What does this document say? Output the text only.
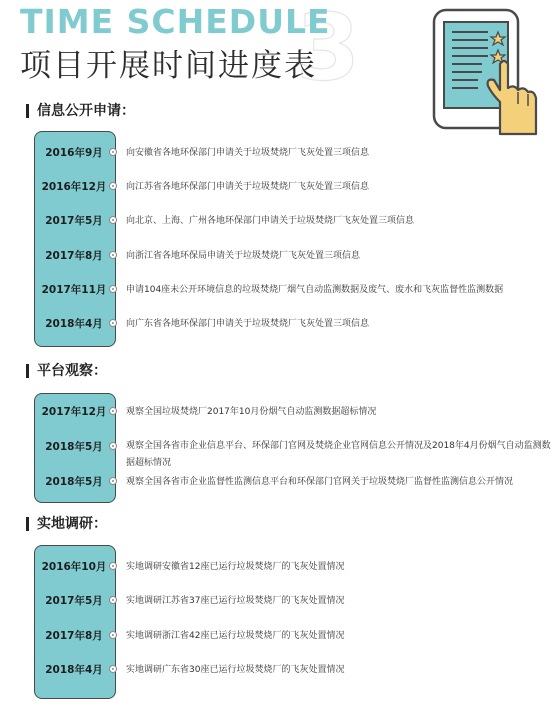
3
TIME SCHEDULE
项目开展时间进度表
信息公开申请：
2016年9月	向安徽省各地环保部门申请关于垃圾焚烧厂飞灰处置三项信息
2016年12月	向江苏省各地环保部门申请关于垃圾焚烧厂飞灰处置三项信息
2017年5月	向北京、上海、广州各地环保部门申请关于垃圾焚烧厂飞灰处置三项信息
2017年8月	向浙江省各地环保局申请关于垃圾焚烧厂飞灰处置三项信息
2017年11月	申请104座未公开环境信息的垃圾焚烧厂烟气自动监测数据及废气、废水和飞灰监督性监测数据
2018年4月	向广东省各地环保部门申请关于垃圾焚烧厂飞灰处置三项信息
平台观察：
2017年12月	观察全国垃圾焚烧厂2017年10月份烟气自动监测数据超标情况
2018年5月	观察全国各省市企业信息平台、环保部门官网及焚烧企业官网信息公开情况及2018年4月份烟气自动监测数据超标情况
2018年5月	观察全国各省市企业监督性监测信息平台和环保部门官网关于垃圾焚烧厂监督性监测信息公开情况
实地调研：
2016年10月	实地调研安徽省12座已运行垃圾焚烧厂的飞灰处置情况
2017年5月	实地调研江苏省37座已运行垃圾焚烧厂的飞灰处置情况
2017年8月	实地调研浙江省42座已运行垃圾焚烧厂的飞灰处置情况
2018年4月	实地调研广东省30座已运行垃圾焚烧厂的飞灰处置情况
